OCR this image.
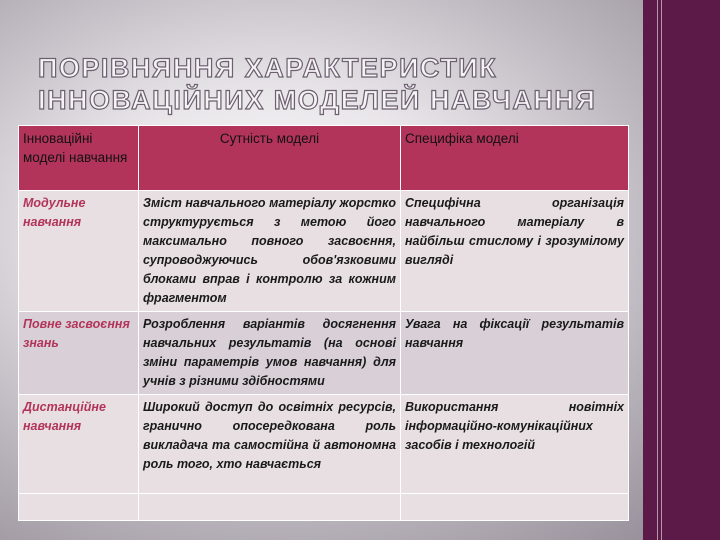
ПОРІВНЯННЯ ХАРАКТЕРИСТИК
ІННОВАЦІЙНИХ МОДЕЛЕЙ НАВЧАННЯ
Інноваційні моделі навчання	Сутність моделі	Специфіка моделі
Модульне навчання	Зміст навчального матеріалу жорстко структурується з метою його максимально повного засвоєння, супроводжуючись обов'язковими блоками вправ і контролю за кожним фрагментом	Специфічна організація навчального матеріалу в найбільш стислому і зрозумілому вигляді
Повне засвоєння знань	Розроблення варіантів досягнення навчальних результатів (на основі зміни параметрів умов навчання) для учнів з різними здібностями	Увага на фіксації результатів навчання
Дистанційне навчання	Широкий доступ до освітніх ресурсів, гранично опосередкована роль викладача та самостійна й автономна роль того, хто навчається	Використання новітніх інформаційно-комунікаційних засобів і технологій
